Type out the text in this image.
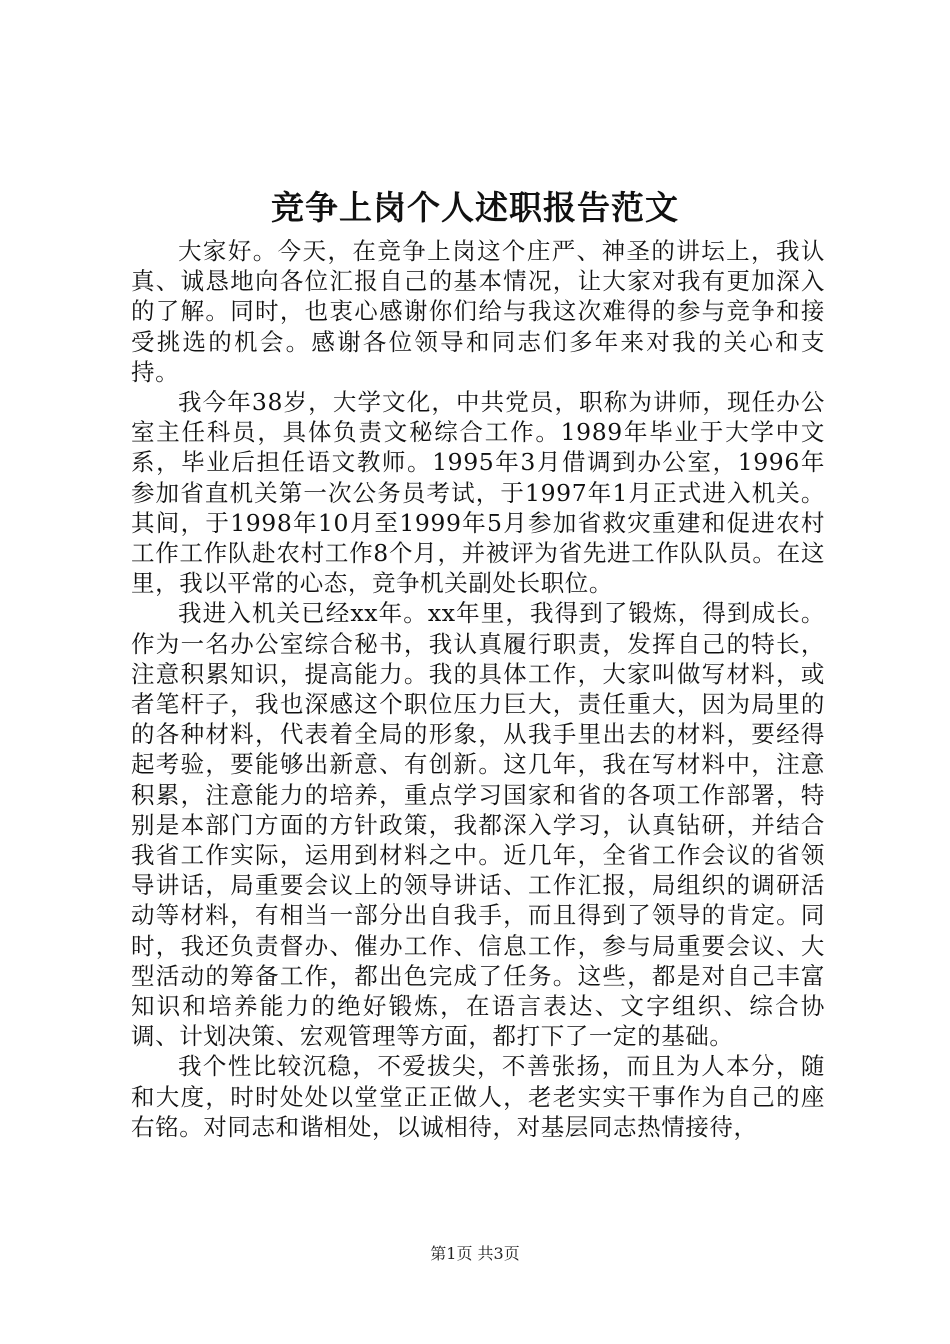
竞争上岗个人述职报告范文

大家好。今天，在竞争上岗这个庄严、神圣的讲坛上，我认真、诚恳地向各位汇报自己的基本情况，让大家对我有更加深入的了解。同时，也衷心感谢你们给与我这次难得的参与竞争和接受挑选的机会。感谢各位领导和同志们多年来对我的关心和支持。

我今年38岁，大学文化，中共党员，职称为讲师，现任办公室主任科员，具体负责文秘综合工作。1989年毕业于大学中文系，毕业后担任语文教师。1995年3月借调到办公室，1996年参加省直机关第一次公务员考试，于1997年1月正式进入机关。其间，于1998年10月至1999年5月参加省救灾重建和促进农村工作工作队赴农村工作8个月，并被评为省先进工作队队员。在这里，我以平常的心态，竞争机关副处长职位。

我进入机关已经xx年。xx年里，我得到了锻炼，得到成长。作为一名办公室综合秘书，我认真履行职责，发挥自己的特长，注意积累知识，提高能力。我的具体工作，大家叫做写材料，或者笔杆子，我也深感这个职位压力巨大，责任重大，因为局里的的各种材料，代表着全局的形象，从我手里出去的材料，要经得起考验，要能够出新意、有创新。这几年，我在写材料中，注意积累，注意能力的培养，重点学习国家和省的各项工作部署，特别是本部门方面的方针政策，我都深入学习，认真钻研，并结合我省工作实际，运用到材料之中。近几年，全省工作会议的省领导讲话，局重要会议上的领导讲话、工作汇报，局组织的调研活动等材料，有相当一部分出自我手，而且得到了领导的肯定。同时，我还负责督办、催办工作、信息工作，参与局重要会议、大型活动的筹备工作，都出色完成了任务。这些，都是对自己丰富知识和培养能力的绝好锻炼，在语言表达、文字组织、综合协调、计划决策、宏观管理等方面，都打下了一定的基础。

我个性比较沉稳，不爱拔尖，不善张扬，而且为人本分，随和大度，时时处处以堂堂正正做人，老老实实干事作为自己的座右铭。对同志和谐相处，以诚相待，对基层同志热情接待，

第1页 共3页
